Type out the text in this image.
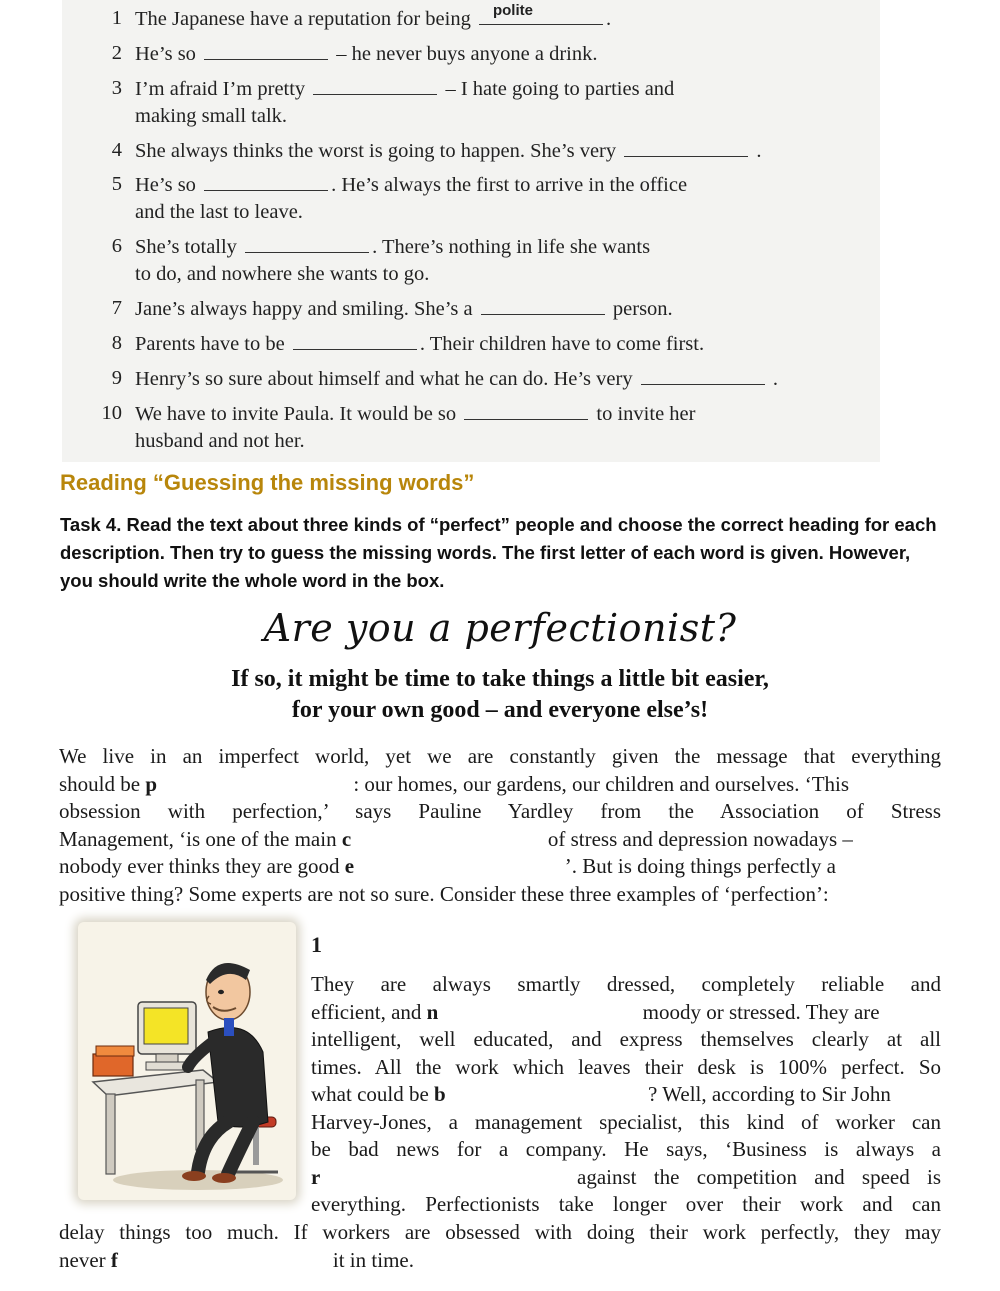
1 The Japanese have a reputation for being polite	.
2 He’s so	– he never buys anyone a drink.
3 I’m afraid I’m pretty	– I hate going to parties and
making small talk.
4 She always thinks the worst is going to happen. She’s very	.
5 He’s so	. He’s always the first to arrive in the office
and the last to leave.
6 She’s totally	. There’s nothing in life she wants
to do, and nowhere she wants to go.
7 Jane’s always happy and smiling. She’s a	person.
8 Parents have to be	. Their children have to come first.
9 Henry’s so sure about himself and what he can do. He’s very	.
10 We have to invite Paula. It would be so	to invite her
husband and not her.
Reading “Guessing the missing words”
Task 4. Read the text about three kinds of “perfect” people and choose the correct heading for each description. Then try to guess the missing words. The first letter of each word is given. However, you should write the whole word in the box.
Are you a perfectionist?
If so, it might be time to take things a little bit easier,
for your own good – and everyone else’s!
We live in an imperfect world, yet we are constantly given the message that everything
should be
p	: our homes, our gardens, our children and ourselves. ‘This
obsession with perfection,’ says Pauline Yardley from the Association of Stress
Management, ‘is one of the main
c	of stress and depression nowadays –
nobody ever thinks they are good
e	’. But is doing things perfectly a
positive thing? Some experts are not so sure. Consider these three examples of ‘perfection’:
1
They are always smartly dressed, completely reliable and
efficient, and
n	moody or stressed. They are
intelligent, well educated, and express themselves clearly at all
times. All the work which leaves their desk is 100% perfect. So
what could be
b	? Well, according to Sir John
Harvey-Jones, a management specialist, this kind of worker can
be bad news for a company. He says, ‘Business is always a
r	against the competition and speed is
everything. Perfectionists take longer over their work and can
delay things too much. If workers are obsessed with doing their work perfectly, they may
never
f	it in time.
